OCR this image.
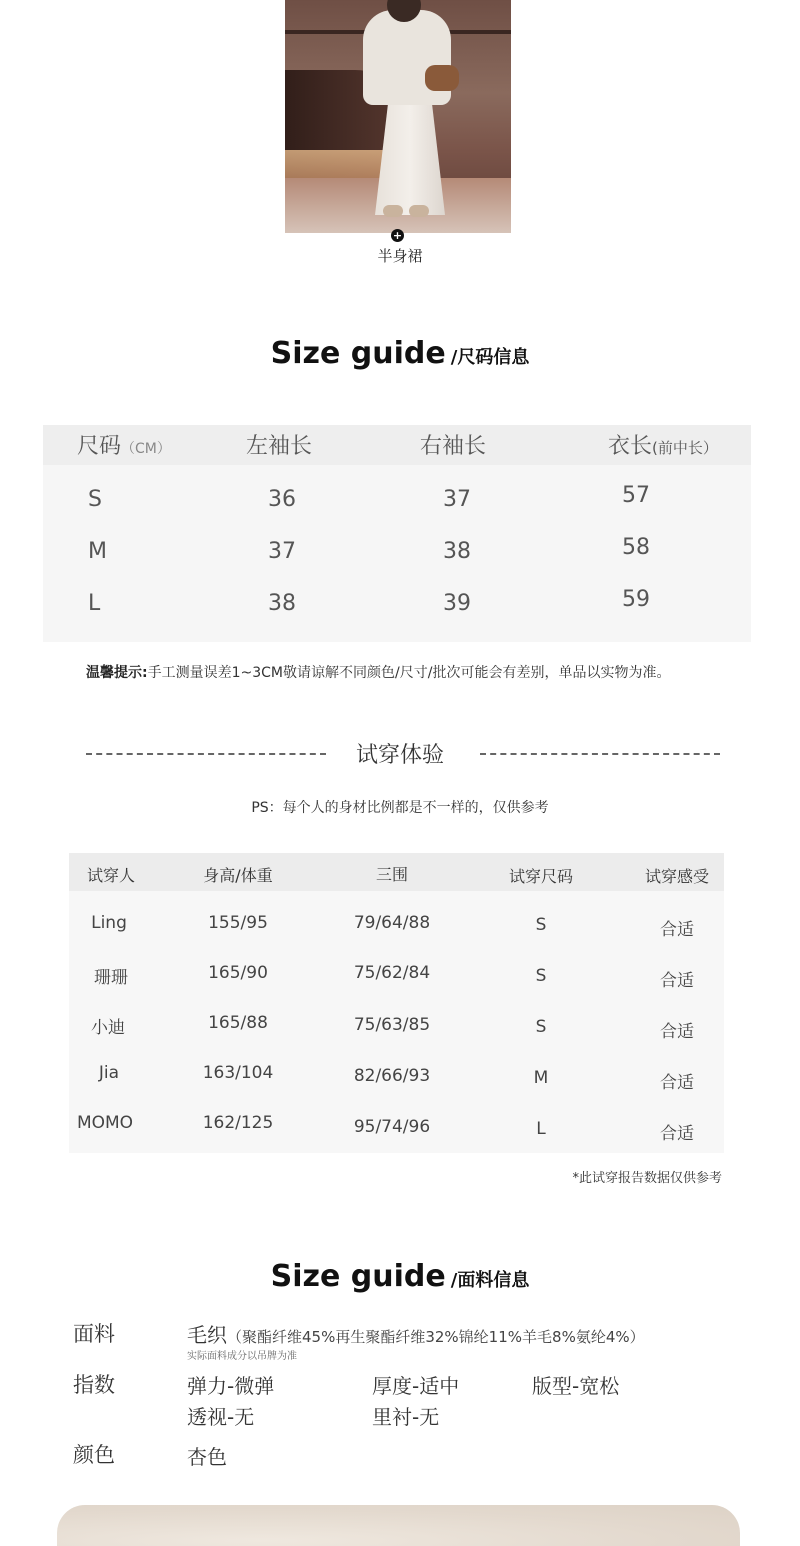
+
半身裙
Size guide /尺码信息
尺码（CM）	左袖长	右袖长	衣长(前中长）
S	36	37	57
M	37	38	58
L	38	39	59
温馨提示:手工测量误差1~3CM敬请谅解不同颜色/尺寸/批次可能会有差别，单品以实物为准。
试穿体验
PS：每个人的身材比例都是不一样的，仅供参考
试穿人	身高/体重	三围	试穿尺码	试穿感受
Ling	155/95	79/64/88	S	合适
珊珊	165/90	75/62/84	S	合适
小迪	165/88	75/63/85	S	合适
Jia	163/104	82/66/93	M	合适
MOMO	162/125	95/74/96	L	合适
*此试穿报告数据仅供参考
Size guide /面料信息
面料	毛织（聚酯纤维45%再生聚酯纤维32%锦纶11%羊毛8%氨纶4%）
实际面料成分以吊牌为准
指数	弹力-微弹	厚度-适中	版型-宽松
透视-无	里衬-无
颜色	杏色
